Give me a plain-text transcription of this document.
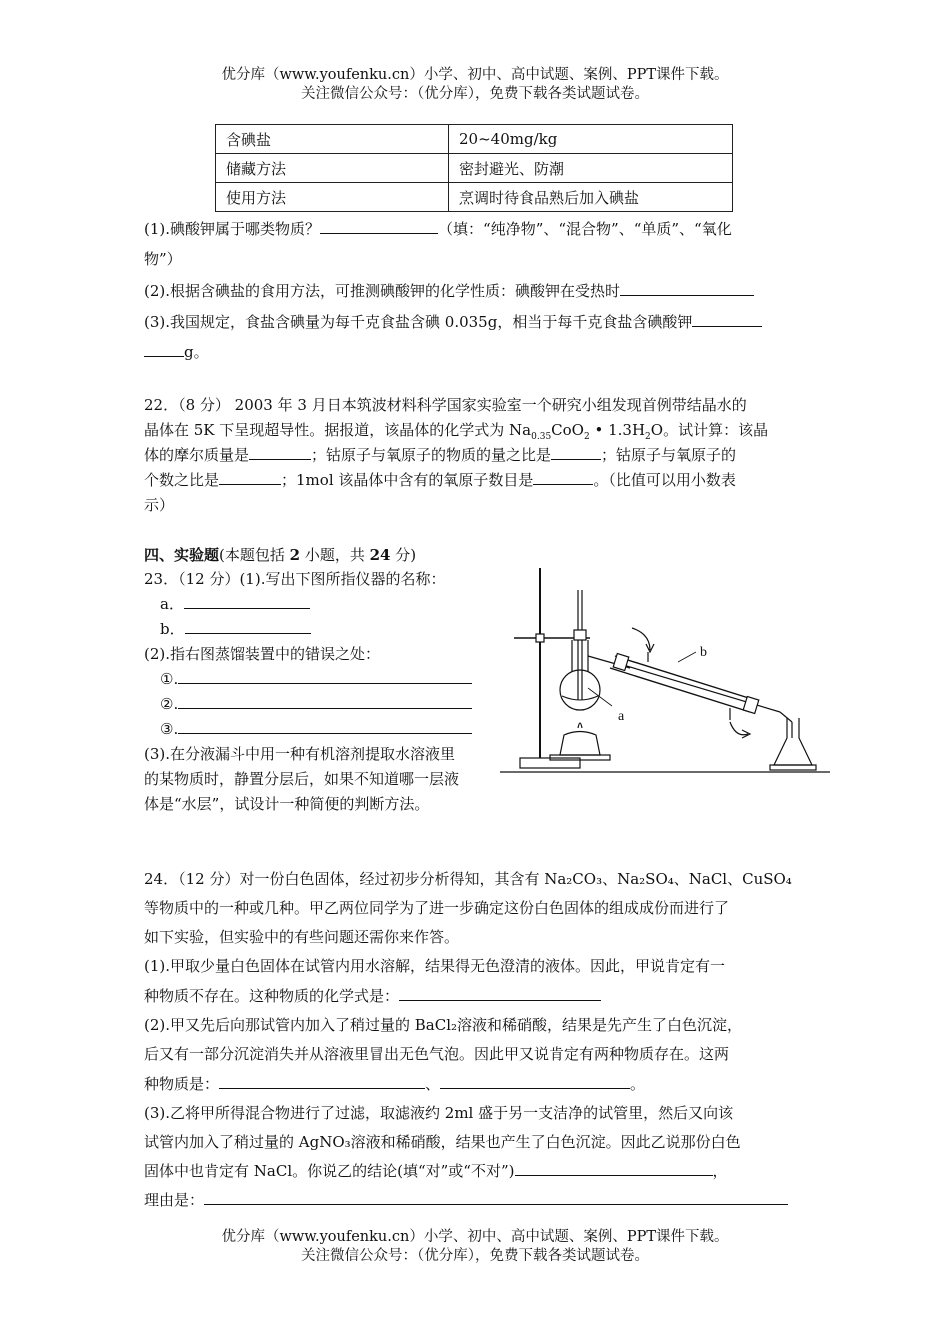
优分库（www.youfenku.cn）小学、初中、高中试题、案例、PPT课件下载。
关注微信公众号：（优分库），免费下载各类试题试卷。
含碘盐	20~40mg/kg
储藏方法	密封避光、防潮
使用方法	烹调时待食品熟后加入碘盐
(1).碘酸钾属于哪类物质？	（填：“纯净物”、“混合物”、“单质”、“氧化
物”）
(2).根据含碘盐的食用方法，可推测碘酸钾的化学性质：碘酸钾在受热时
(3).我国规定，食盐含碘量为每千克食盐含碘 0.035g，相当于每千克食盐含碘酸钾
g。
22．（8 分） 2003 年 3 月日本筑波材料科学国家实验室一个研究小组发现首例带结晶水的
晶体在 5K 下呈现超导性。据报道，该晶体的化学式为 $Na_{0.35}CoO_2$ • $1.3H_2O$。试计算：该晶
体的摩尔质量是	；钴原子与氧原子的物质的量之比是	；钴原子与氧原子的
个数之比是	；1mol 该晶体中含有的氧原子数目是	。（比值可以用小数表
示）
四、实验题(本题包括 2 小题，共 24 分)
23．（12 分）(1).写出下图所指仪器的名称：
a．
b．
(2).指右图蒸馏装置中的错误之处：
①.
②.
③.
(3).在分液漏斗中用一种有机溶剂提取水溶液里
的某物质时，静置分层后，如果不知道哪一层液
体是“水层”，试设计一种简便的判断方法。
a
b
24．（12 分）对一份白色固体，经过初步分析得知，其含有 Na₂CO₃、Na₂SO₄、NaCl、CuSO₄
等物质中的一种或几种。甲乙两位同学为了进一步确定这份白色固体的组成成份而进行了
如下实验，但实验中的有些问题还需你来作答。
(1).甲取少量白色固体在试管内用水溶解，结果得无色澄清的液体。因此，甲说肯定有一
种物质不存在。这种物质的化学式是：
(2).甲又先后向那试管内加入了稍过量的 BaCl₂溶液和稀硝酸，结果是先产生了白色沉淀，
后又有一部分沉淀消失并从溶液里冒出无色气泡。因此甲又说肯定有两种物质存在。这两
种物质是：	、	。
(3).乙将甲所得混合物进行了过滤，取滤液约 2ml 盛于另一支洁净的试管里，然后又向该
试管内加入了稍过量的 AgNO₃溶液和稀硝酸，结果也产生了白色沉淀。因此乙说那份白色
固体中也肯定有 NaCl。你说乙的结论(填“对”或“不对”)	，
理由是：
优分库（www.youfenku.cn）小学、初中、高中试题、案例、PPT课件下载。
关注微信公众号：（优分库），免费下载各类试题试卷。
